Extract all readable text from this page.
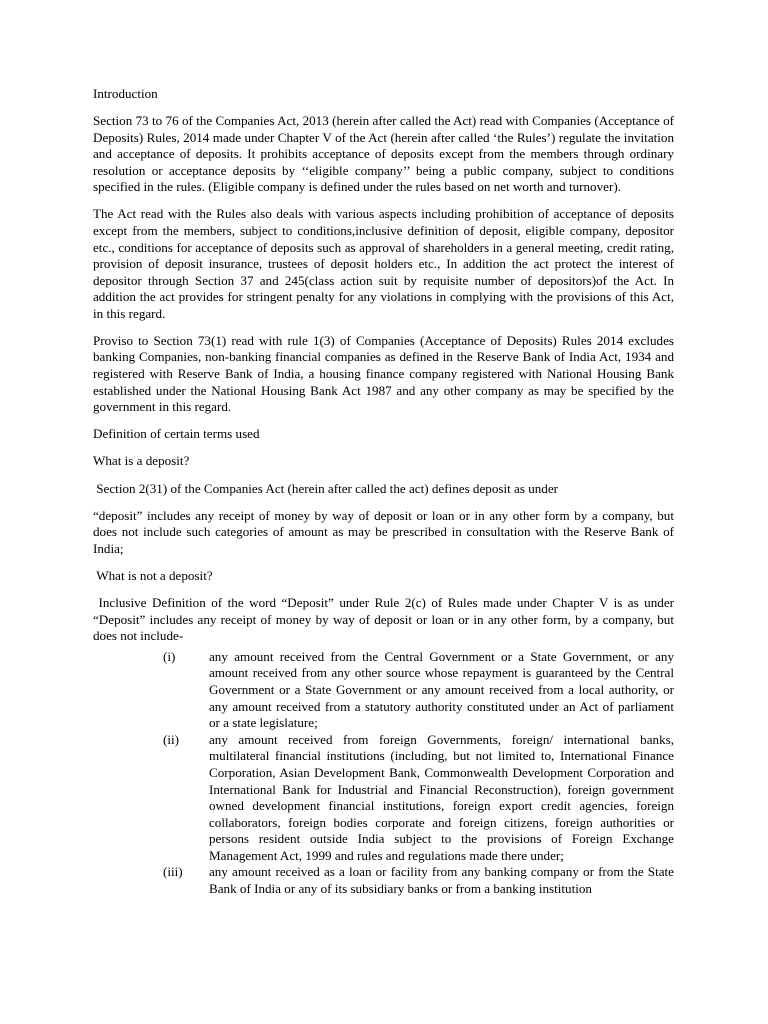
Introduction

Section 73 to 76 of the Companies Act, 2013 (herein after called the Act) read with Companies (Acceptance of Deposits) Rules, 2014 made under Chapter V of the Act (herein after called ‘the Rules’) regulate the invitation and acceptance of deposits. It prohibits acceptance of deposits except from the members through ordinary resolution or acceptance deposits by ‘‘eligible company’’ being a public company, subject to conditions specified in the rules. (Eligible company is defined under the rules based on net worth and turnover).

The Act read with the Rules also deals with various aspects including prohibition of acceptance of deposits except from the members, subject to conditions,inclusive definition of deposit, eligible company, depositor etc., conditions for acceptance of deposits such as approval of shareholders in a general meeting, credit rating, provision of deposit insurance, trustees of deposit holders etc., In addition the act protect the interest of depositor through Section 37 and 245(class action suit by requisite number of depositors)of the Act. In addition the act provides for stringent penalty for any violations in complying with the provisions of this Act, in this regard.

Proviso to Section 73(1) read with rule 1(3) of Companies (Acceptance of Deposits) Rules 2014 excludes banking Companies, non-banking financial companies as defined in the Reserve Bank of India Act, 1934 and registered with Reserve Bank of India, a housing finance company registered with National Housing Bank established under the National Housing Bank Act 1987 and any other company as may be specified by the government in this regard.

Definition of certain terms used

What is a deposit?

Section 2(31) of the Companies Act (herein after called the act) defines deposit as under

“deposit” includes any receipt of money by way of deposit or loan or in any other form by a company, but does not include such categories of amount as may be prescribed in consultation with the Reserve Bank of India;

What is not a deposit?

Inclusive Definition of the word “Deposit” under Rule 2(c) of Rules made under Chapter V is as under “Deposit” includes any receipt of money by way of deposit or loan or in any other form, by a company, but does not include-

(i)	any amount received from the Central Government or a State Government, or any amount received from any other source whose repayment is guaranteed by the Central Government or a State Government or any amount received from a local authority, or any amount received from a statutory authority constituted under an Act of parliament or a state legislature;
(ii)	any amount received from foreign Governments, foreign/ international banks, multilateral financial institutions (including, but not limited to, International Finance Corporation, Asian Development Bank, Commonwealth Development Corporation and International Bank for Industrial and Financial Reconstruction), foreign government owned development financial institutions, foreign export credit agencies, foreign collaborators, foreign bodies corporate and foreign citizens, foreign authorities or persons resident outside India subject to the provisions of Foreign Exchange Management Act, 1999 and rules and regulations made there under;
(iii)	any amount received as a loan or facility from any banking company or from the State Bank of India or any of its subsidiary banks or from a banking institution
